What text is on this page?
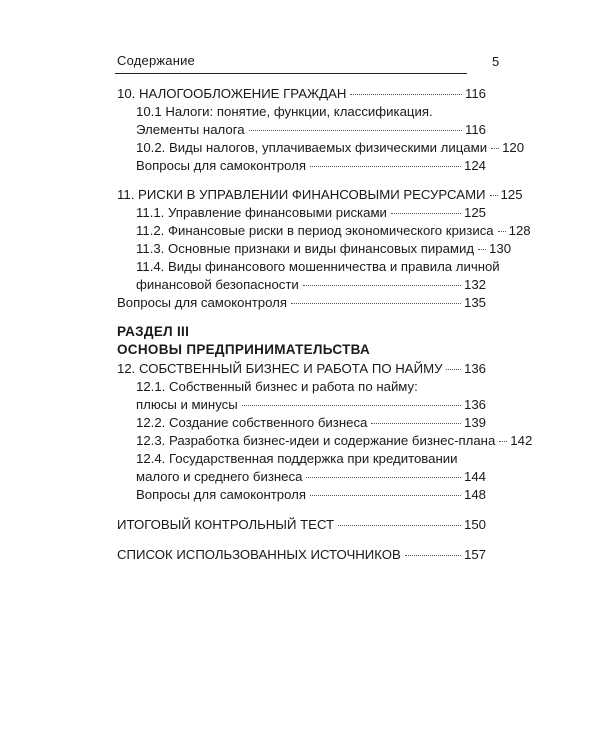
Содержание	5
10. НАЛОГООБЛОЖЕНИЕ ГРАЖДАН	116
10.1 Налоги: понятие, функции, классификация.
Элементы налога	116
10.2. Виды налогов, уплачиваемых физическими лицами 120
Вопросы для самоконтроля	124
11. РИСКИ В УПРАВЛЕНИИ ФИНАНСОВЫМИ РЕСУРСАМИ 125
11.1. Управление финансовыми рисками	125
11.2. Финансовые риски в период экономического кризиса 128
11.3. Основные признаки и виды финансовых пирамид 130
11.4. Виды финансового мошенничества и правила личной
финансовой безопасности	132
Вопросы для самоконтроля	135
РАЗДЕЛ III
ОСНОВЫ ПРЕДПРИНИМАТЕЛЬСТВА
12. СОБСТВЕННЫЙ БИЗНЕС И РАБОТА ПО НАЙМУ 136
12.1. Собственный бизнес и работа по найму:
плюсы и минусы	136
12.2. Создание собственного бизнеса	139
12.3. Разработка бизнес-идеи и содержание бизнес-плана 142
12.4. Государственная поддержка при кредитовании
малого и среднего бизнеса	144
Вопросы для самоконтроля	148
ИТОГОВЫЙ КОНТРОЛЬНЫЙ ТЕСТ	150
СПИСОК ИСПОЛЬЗОВАННЫХ ИСТОЧНИКОВ	157
